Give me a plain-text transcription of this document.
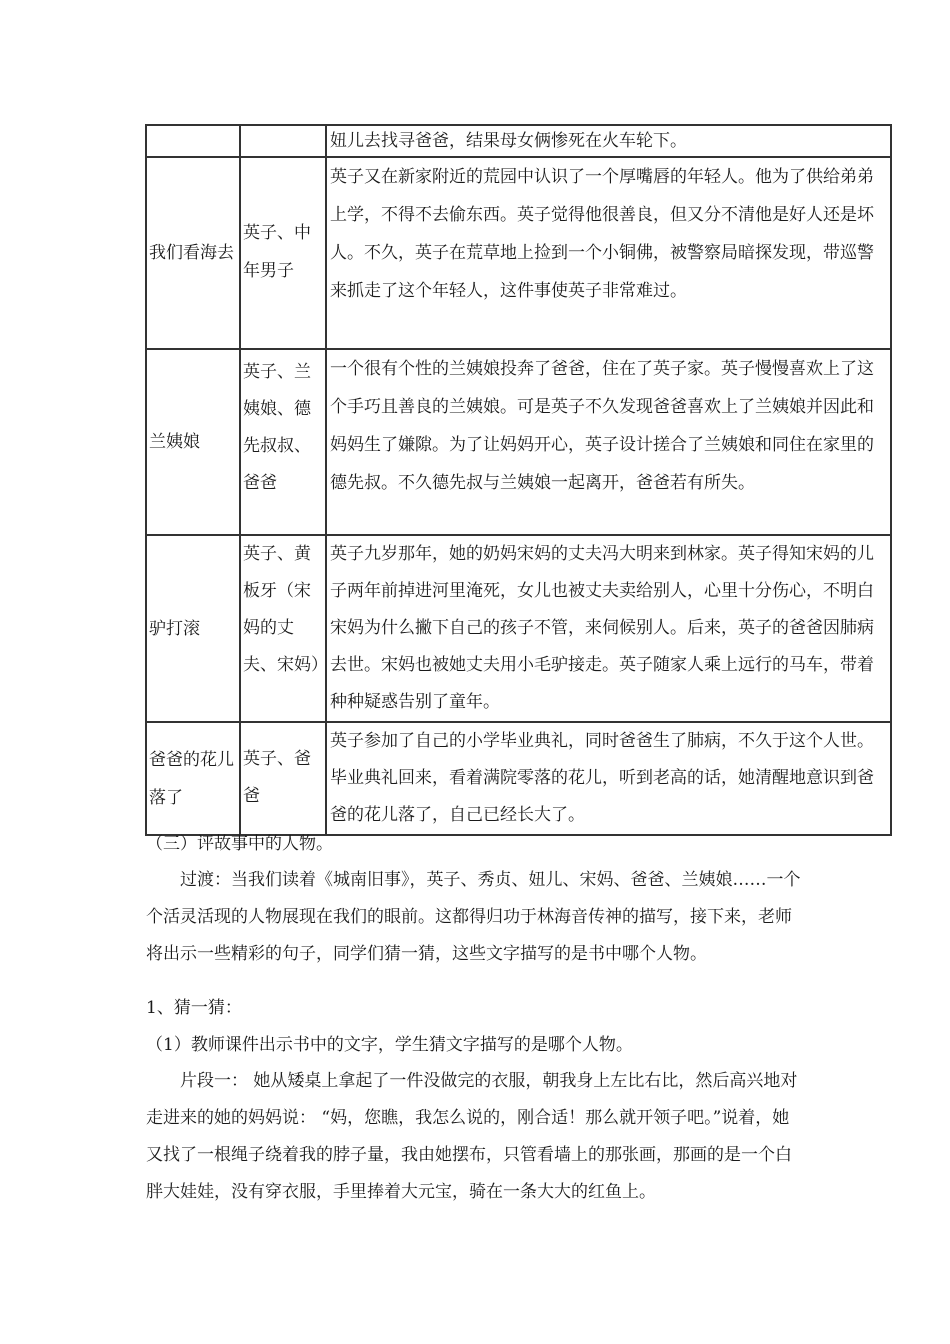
		妞儿去找寻爸爸，结果母女俩惨死在火车轮下。
我们看海去	英子、中年男子	英子又在新家附近的荒园中认识了一个厚嘴唇的年轻人。他为了供给弟弟上学，不得不去偷东西。英子觉得他很善良，但又分不清他是好人还是坏人。不久，英子在荒草地上捡到一个小铜佛，被警察局暗探发现，带巡警来抓走了这个年轻人，这件事使英子非常难过。
兰姨娘	英子、兰姨娘、德先叔叔、爸爸	一个很有个性的兰姨娘投奔了爸爸，住在了英子家。英子慢慢喜欢上了这个手巧且善良的兰姨娘。可是英子不久发现爸爸喜欢上了兰姨娘并因此和妈妈生了嫌隙。为了让妈妈开心，英子设计搓合了兰姨娘和同住在家里的德先叔。不久德先叔与兰姨娘一起离开，爸爸若有所失。
驴打滚	英子、黄板牙（宋妈的丈夫、宋妈）	英子九岁那年，她的奶妈宋妈的丈夫冯大明来到林家。英子得知宋妈的儿子两年前掉进河里淹死，女儿也被丈夫卖给别人，心里十分伤心，不明白宋妈为什么撇下自己的孩子不管，来伺候别人。后来，英子的爸爸因肺病去世。宋妈也被她丈夫用小毛驴接走。英子随家人乘上远行的马车，带着种种疑惑告别了童年。
爸爸的花儿落了	英子、爸爸	英子参加了自己的小学毕业典礼，同时爸爸生了肺病，不久于这个人世。毕业典礼回来，看着满院零落的花儿，听到老高的话，她清醒地意识到爸爸的花儿落了，自己已经长大了。

（三）评故事中的人物。

过渡：当我们读着《城南旧事》，英子、秀贞、妞儿、宋妈、爸爸、兰姨娘……一个个活灵活现的人物展现在我们的眼前。这都得归功于林海音传神的描写，接下来，老师将出示一些精彩的句子，同学们猜一猜，这些文字描写的是书中哪个人物。

1、猜一猜：

（1）教师课件出示书中的文字，学生猜文字描写的是哪个人物。

片段一： 她从矮桌上拿起了一件没做完的衣服，朝我身上左比右比，然后高兴地对走进来的她的妈妈说： “妈，您瞧，我怎么说的，刚合适！那么就开领子吧。”说着，她又找了一根绳子绕着我的脖子量，我由她摆布，只管看墙上的那张画，那画的是一个白胖大娃娃，没有穿衣服，手里捧着大元宝，骑在一条大大的红鱼上。
